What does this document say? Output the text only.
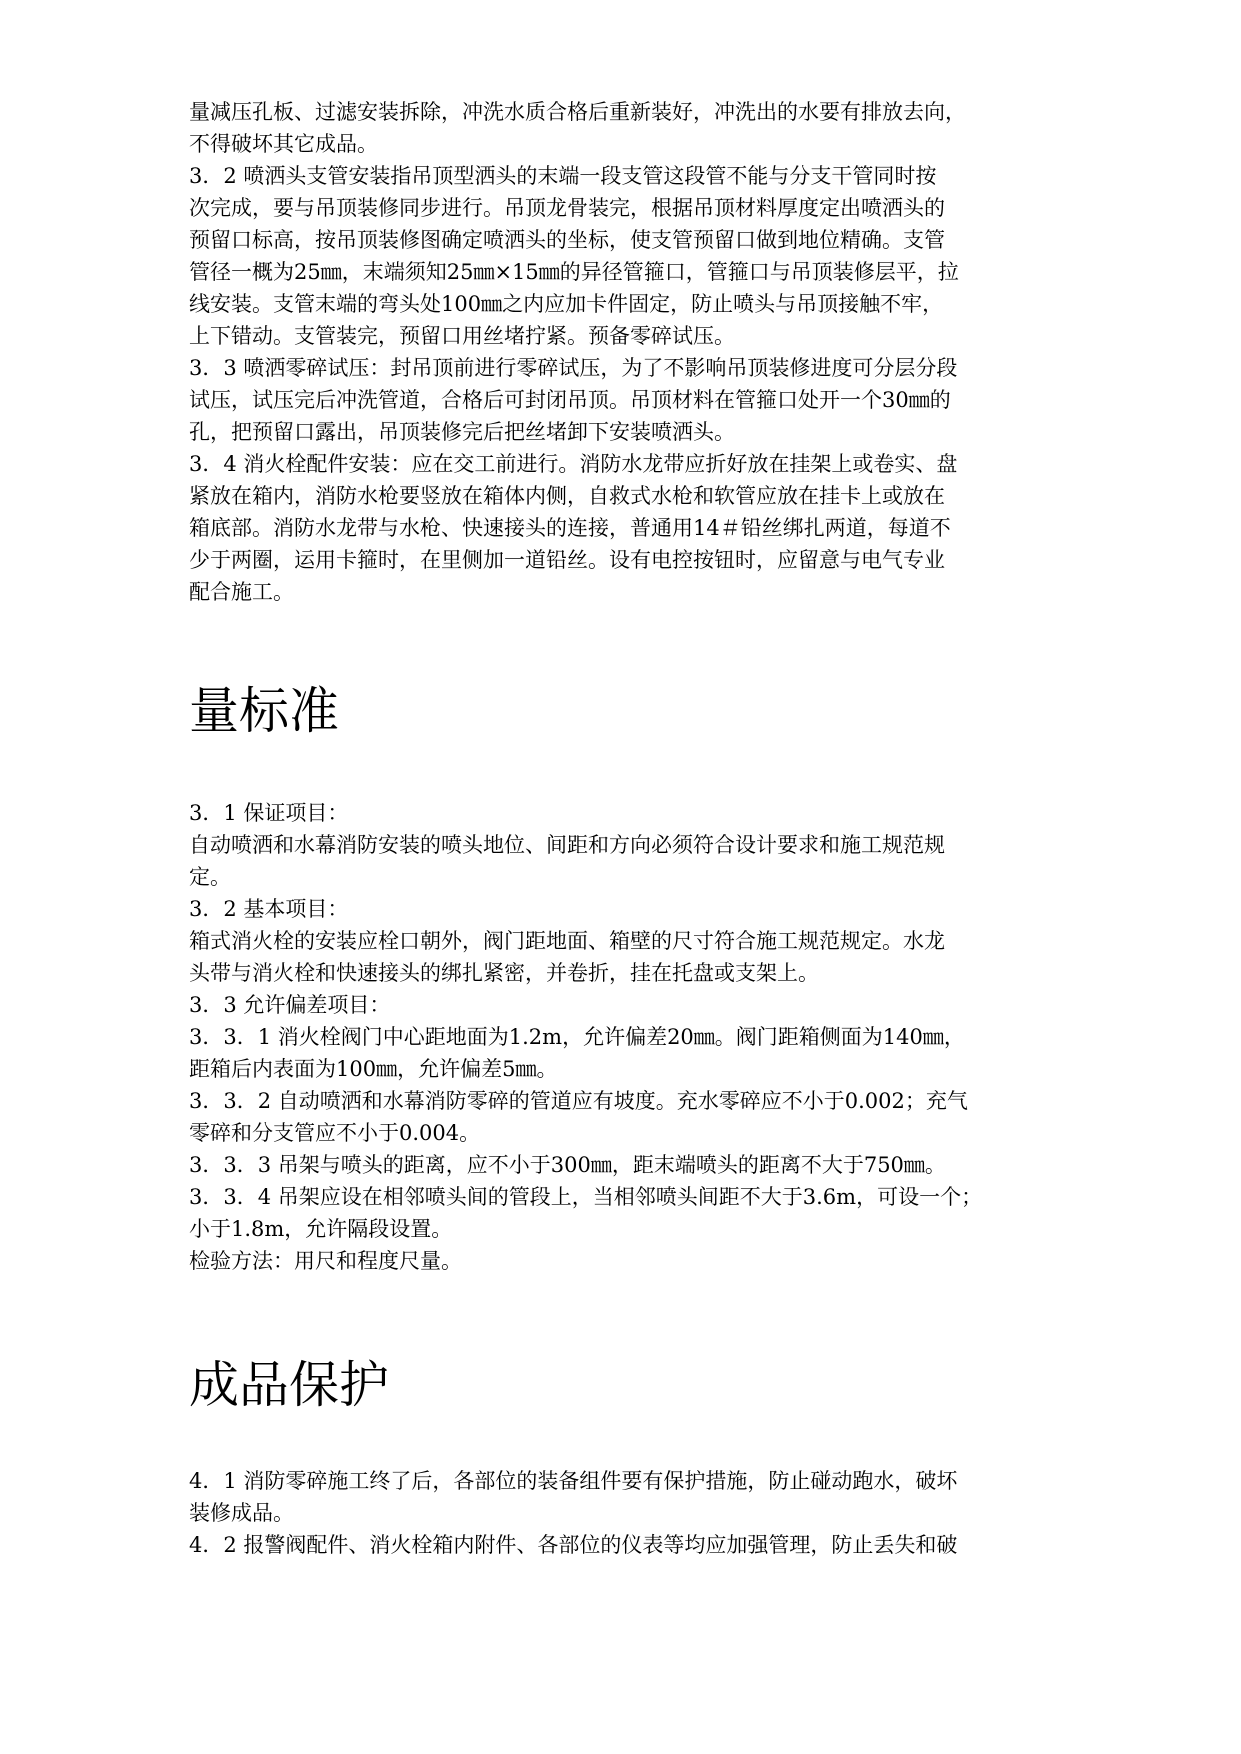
量减压孔板、过滤安装拆除，冲洗水质合格后重新装好，冲洗出的水要有排放去向，
不得破坏其它成品。

3．2 喷洒头支管安装指吊顶型洒头的末端一段支管这段管不能与分支干管同时按
次完成，要与吊顶装修同步进行。吊顶龙骨装完，根据吊顶材料厚度定出喷洒头的
预留口标高，按吊顶装修图确定喷洒头的坐标，使支管预留口做到地位精确。支管
管径一概为25㎜，末端须知25㎜×15㎜的异径管箍口，管箍口与吊顶装修层平，拉
线安装。支管末端的弯头处100㎜之内应加卡件固定，防止喷头与吊顶接触不牢，
上下错动。支管装完，预留口用丝堵拧紧。预备零碎试压。

3．3 喷洒零碎试压：封吊顶前进行零碎试压，为了不影响吊顶装修进度可分层分段
试压，试压完后冲洗管道，合格后可封闭吊顶。吊顶材料在管箍口处开一个30㎜的
孔，把预留口露出，吊顶装修完后把丝堵卸下安装喷洒头。

3．4 消火栓配件安装：应在交工前进行。消防水龙带应折好放在挂架上或卷实、盘
紧放在箱内，消防水枪要竖放在箱体内侧，自救式水枪和软管应放在挂卡上或放在
箱底部。消防水龙带与水枪、快速接头的连接，普通用14＃铅丝绑扎两道，每道不
少于两圈，运用卡箍时，在里侧加一道铅丝。设有电控按钮时，应留意与电气专业
配合施工。

量标准

3．1 保证项目：

自动喷洒和水幕消防安装的喷头地位、间距和方向必须符合设计要求和施工规范规
定。

3．2 基本项目：

箱式消火栓的安装应栓口朝外，阀门距地面、箱壁的尺寸符合施工规范规定。水龙
头带与消火栓和快速接头的绑扎紧密，并卷折，挂在托盘或支架上。

3．3 允许偏差项目：

3．3．1 消火栓阀门中心距地面为1.2m，允许偏差20㎜。阀门距箱侧面为140㎜，
距箱后内表面为100㎜，允许偏差5㎜。

3．3．2 自动喷洒和水幕消防零碎的管道应有坡度。充水零碎应不小于0.002；充气
零碎和分支管应不小于0.004。

3．3．3 吊架与喷头的距离，应不小于300㎜，距末端喷头的距离不大于750㎜。

3．3．4 吊架应设在相邻喷头间的管段上，当相邻喷头间距不大于3.6m，可设一个；
小于1.8m，允许隔段设置。

检验方法：用尺和程度尺量。

成品保护

4．1 消防零碎施工终了后，各部位的装备组件要有保护措施，防止碰动跑水，破坏
装修成品。

4．2 报警阀配件、消火栓箱内附件、各部位的仪表等均应加强管理，防止丢失和破
